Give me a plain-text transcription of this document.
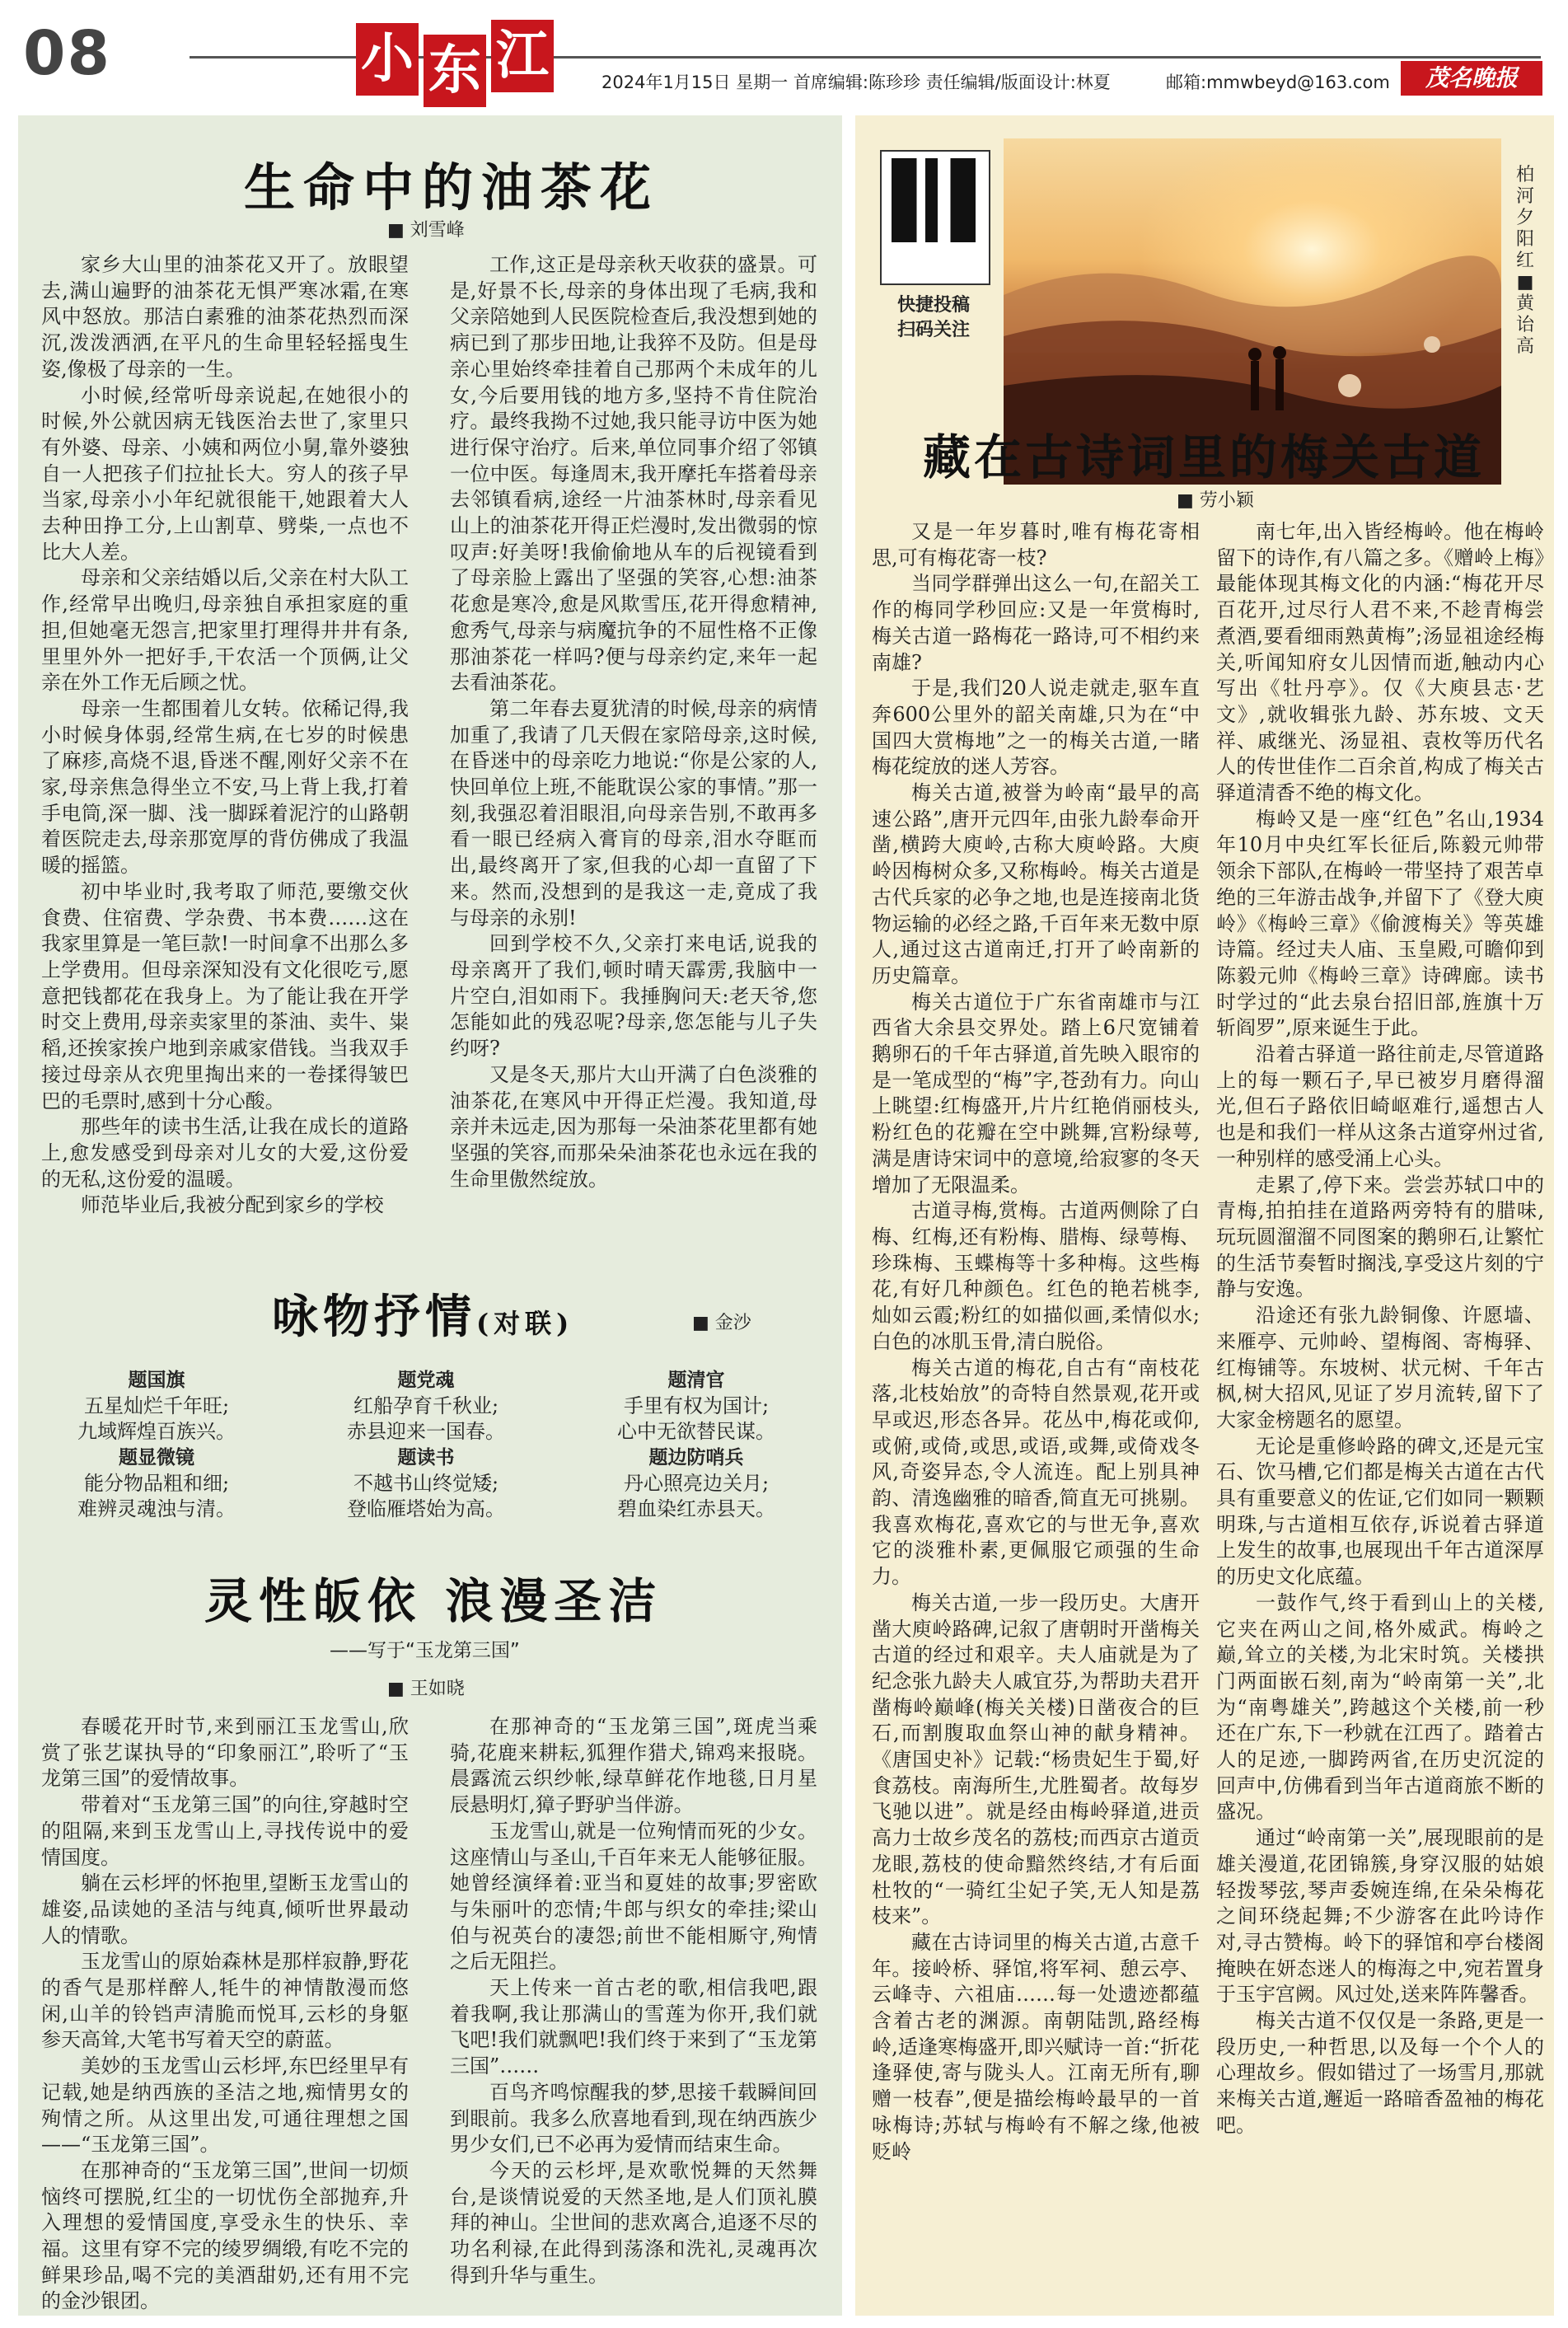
08	小 东 江	2024年1月15日 星期一 首席编辑:陈珍珍 责任编辑/版面设计:林夏	邮箱:mmwbeyd@163.com	茂名晚报
生命中的油茶花
■ 刘雪峰

家乡大山里的油茶花又开了。放眼望去,满山遍野的油茶花无惧严寒冰霜,在寒风中怒放。那洁白素雅的油茶花热烈而深沉,泼泼洒洒,在平凡的生命里轻轻摇曳生姿,像极了母亲的一生。

小时候,经常听母亲说起,在她很小的时候,外公就因病无钱医治去世了,家里只有外婆、母亲、小姨和两位小舅,靠外婆独自一人把孩子们拉扯长大。穷人的孩子早当家,母亲小小年纪就很能干,她跟着大人去种田挣工分,上山割草、劈柴,一点也不比大人差。

母亲和父亲结婚以后,父亲在村大队工作,经常早出晚归,母亲独自承担家庭的重担,但她毫无怨言,把家里打理得井井有条,里里外外一把好手,干农活一个顶俩,让父亲在外工作无后顾之忧。

母亲一生都围着儿女转。依稀记得,我小时候身体弱,经常生病,在七岁的时候患了麻疹,高烧不退,昏迷不醒,刚好父亲不在家,母亲焦急得坐立不安,马上背上我,打着手电筒,深一脚、浅一脚踩着泥泞的山路朝着医院走去,母亲那宽厚的背仿佛成了我温暖的摇篮。

初中毕业时,我考取了师范,要缴交伙食费、住宿费、学杂费、书本费……这在我家里算是一笔巨款!一时间拿不出那么多上学费用。但母亲深知没有文化很吃亏,愿意把钱都花在我身上。为了能让我在开学时交上费用,母亲卖家里的茶油、卖牛、粜稻,还挨家挨户地到亲戚家借钱。当我双手接过母亲从衣兜里掏出来的一卷揉得皱巴巴的毛票时,感到十分心酸。

那些年的读书生活,让我在成长的道路上,愈发感受到母亲对儿女的大爱,这份爱的无私,这份爱的温暖。

师范毕业后,我被分配到家乡的学校

工作,这正是母亲秋天收获的盛景。可是,好景不长,母亲的身体出现了毛病,我和父亲陪她到人民医院检查后,我没想到她的病已到了那步田地,让我猝不及防。但是母亲心里始终牵挂着自己那两个未成年的儿女,今后要用钱的地方多,坚持不肯住院治疗。最终我拗不过她,我只能寻访中医为她进行保守治疗。后来,单位同事介绍了邻镇一位中医。每逢周末,我开摩托车搭着母亲去邻镇看病,途经一片油茶林时,母亲看见山上的油茶花开得正烂漫时,发出微弱的惊叹声:好美呀!我偷偷地从车的后视镜看到了母亲脸上露出了坚强的笑容,心想:油茶花愈是寒冷,愈是风欺雪压,花开得愈精神,愈秀气,母亲与病魔抗争的不屈性格不正像那油茶花一样吗?便与母亲约定,来年一起去看油茶花。

第二年春去夏犹清的时候,母亲的病情加重了,我请了几天假在家陪母亲,这时候,在昏迷中的母亲吃力地说:“你是公家的人,快回单位上班,不能耽误公家的事情。”那一刻,我强忍着泪眼泪,向母亲告别,不敢再多看一眼已经病入膏肓的母亲,泪水夺眶而出,最终离开了家,但我的心却一直留了下来。然而,没想到的是我这一走,竟成了我与母亲的永别!

回到学校不久,父亲打来电话,说我的母亲离开了我们,顿时晴天霹雳,我脑中一片空白,泪如雨下。我捶胸问天:老天爷,您怎能如此的残忍呢?母亲,您怎能与儿子失约呀?

又是冬天,那片大山开满了白色淡雅的油茶花,在寒风中开得正烂漫。我知道,母亲并未远走,因为那每一朵油茶花里都有她坚强的笑容,而那朵朵油茶花也永远在我的生命里傲然绽放。

咏物抒情(对联)	■ 金沙
题国旗
五星灿烂千年旺;
九域辉煌百族兴。
题党魂
红船孕育千秋业;
赤县迎来一国春。
题清官
手里有权为国计;
心中无欲替民谋。
题显微镜
能分物品粗和细;
难辨灵魂浊与清。
题读书
不越书山终觉矮;
登临雁塔始为高。
题边防哨兵
丹心照亮边关月;
碧血染红赤县天。
灵性皈依 浪漫圣洁
——写于“玉龙第三国”
■ 王如晓

春暖花开时节,来到丽江玉龙雪山,欣赏了张艺谋执导的“印象丽江”,聆听了“玉龙第三国”的爱情故事。

带着对“玉龙第三国”的向往,穿越时空的阻隔,来到玉龙雪山上,寻找传说中的爱情国度。

躺在云杉坪的怀抱里,望断玉龙雪山的雄姿,品读她的圣洁与纯真,倾听世界最动人的情歌。

玉龙雪山的原始森林是那样寂静,野花的香气是那样醉人,牦牛的神情散漫而悠闲,山羊的铃铛声清脆而悦耳,云杉的身躯参天高耸,大笔书写着天空的蔚蓝。

美妙的玉龙雪山云杉坪,东巴经里早有记载,她是纳西族的圣洁之地,痴情男女的殉情之所。从这里出发,可通往理想之国——“玉龙第三国”。

在那神奇的“玉龙第三国”,世间一切烦恼终可摆脱,红尘的一切忧伤全部抛弃,升入理想的爱情国度,享受永生的快乐、幸福。这里有穿不完的绫罗绸缎,有吃不完的鲜果珍品,喝不完的美酒甜奶,还有用不完的金沙银团。

在那神奇的“玉龙第三国”,斑虎当乘骑,花鹿来耕耘,狐狸作猎犬,锦鸡来报晓。晨露流云织纱帐,绿草鲜花作地毯,日月星辰悬明灯,獐子野驴当伴游。

玉龙雪山,就是一位殉情而死的少女。这座情山与圣山,千百年来无人能够征服。她曾经演绎着:亚当和夏娃的故事;罗密欧与朱丽叶的恋情;牛郎与织女的牵挂;梁山伯与祝英台的凄怨;前世不能相厮守,殉情之后无阻拦。

天上传来一首古老的歌,相信我吧,跟着我啊,我让那满山的雪莲为你开,我们就飞吧!我们就飘吧!我们终于来到了“玉龙第三国”……

百鸟齐鸣惊醒我的梦,思接千载瞬间回到眼前。我多么欣喜地看到,现在纳西族少男少女们,已不必再为爱情而结束生命。

今天的云杉坪,是欢歌悦舞的天然舞台,是谈情说爱的天然圣地,是人们顶礼膜拜的神山。尘世间的悲欢离合,追逐不尽的功名利禄,在此得到荡涤和洗礼,灵魂再次得到升华与重生。

快捷投稿
扫码关注
柏河夕阳红 ■ 黄诒高
藏在古诗词里的梅关古道
■ 劳小颖

又是一年岁暮时,唯有梅花寄相思,可有梅花寄一枝?

当同学群弹出这么一句,在韶关工作的梅同学秒回应:又是一年赏梅时,梅关古道一路梅花一路诗,可不相约来南雄?

于是,我们20人说走就走,驱车直奔600公里外的韶关南雄,只为在“中国四大赏梅地”之一的梅关古道,一睹梅花绽放的迷人芳容。

梅关古道,被誉为岭南“最早的高速公路”,唐开元四年,由张九龄奉命开凿,横跨大庾岭,古称大庾岭路。大庾岭因梅树众多,又称梅岭。梅关古道是古代兵家的必争之地,也是连接南北货物运输的必经之路,千百年来无数中原人,通过这古道南迁,打开了岭南新的历史篇章。

梅关古道位于广东省南雄市与江西省大余县交界处。踏上6尺宽铺着鹅卵石的千年古驿道,首先映入眼帘的是一笔成型的“梅”字,苍劲有力。向山上眺望:红梅盛开,片片红艳俏丽枝头,粉红色的花瓣在空中跳舞,宫粉绿萼,满是唐诗宋词中的意境,给寂寥的冬天增加了无限温柔。

古道寻梅,赏梅。古道两侧除了白梅、红梅,还有粉梅、腊梅、绿萼梅、珍珠梅、玉蝶梅等十多种梅。这些梅花,有好几种颜色。红色的艳若桃李,灿如云霞;粉红的如描似画,柔情似水;白色的冰肌玉骨,清白脱俗。

梅关古道的梅花,自古有“南枝花落,北枝始放”的奇特自然景观,花开或早或迟,形态各异。花丛中,梅花或仰,或俯,或倚,或思,或语,或舞,或倚戏冬风,奇姿异态,令人流连。配上别具神韵、清逸幽雅的暗香,简直无可挑剔。我喜欢梅花,喜欢它的与世无争,喜欢它的淡雅朴素,更佩服它顽强的生命力。

梅关古道,一步一段历史。大唐开凿大庾岭路碑,记叙了唐朝时开凿梅关古道的经过和艰辛。夫人庙就是为了纪念张九龄夫人戚宜芬,为帮助夫君开凿梅岭巅峰(梅关关楼)日凿夜合的巨石,而割腹取血祭山神的献身精神。《唐国史补》记载:“杨贵妃生于蜀,好食荔枝。南海所生,尤胜蜀者。故每岁飞驰以进”。就是经由梅岭驿道,进贡高力士故乡茂名的荔枝;而西京古道贡龙眼,荔枝的使命黯然终结,才有后面杜牧的“一骑红尘妃子笑,无人知是荔枝来”。

藏在古诗词里的梅关古道,古意千年。接岭桥、驿馆,将军祠、憩云亭、云峰寺、六祖庙……每一处遗迹都蕴含着古老的渊源。南朝陆凯,路经梅岭,适逢寒梅盛开,即兴赋诗一首:“折花逢驿使,寄与陇头人。江南无所有,聊赠一枝春”,便是描绘梅岭最早的一首咏梅诗;苏轼与梅岭有不解之缘,他被贬岭

南七年,出入皆经梅岭。他在梅岭留下的诗作,有八篇之多。《赠岭上梅》最能体现其梅文化的内涵:“梅花开尽百花开,过尽行人君不来,不趁青梅尝煮酒,要看细雨熟黄梅”;汤显祖途经梅关,听闻知府女儿因情而逝,触动内心写出《牡丹亭》。仅《大庾县志·艺文》,就收辑张九龄、苏东坡、文天祥、戚继光、汤显祖、袁枚等历代名人的传世佳作二百余首,构成了梅关古驿道清香不绝的梅文化。

梅岭又是一座“红色”名山,1934年10月中央红军长征后,陈毅元帅带领余下部队,在梅岭一带坚持了艰苦卓绝的三年游击战争,并留下了《登大庾岭》《梅岭三章》《偷渡梅关》等英雄诗篇。经过夫人庙、玉皇殿,可瞻仰到陈毅元帅《梅岭三章》诗碑廊。读书时学过的“此去泉台招旧部,旌旗十万斩阎罗”,原来诞生于此。

沿着古驿道一路往前走,尽管道路上的每一颗石子,早已被岁月磨得溜光,但石子路依旧崎岖难行,遥想古人也是和我们一样从这条古道穿州过省,一种别样的感受涌上心头。

走累了,停下来。尝尝苏轼口中的青梅,拍拍挂在道路两旁特有的腊味,玩玩圆溜溜不同图案的鹅卵石,让繁忙的生活节奏暂时搁浅,享受这片刻的宁静与安逸。

沿途还有张九龄铜像、许愿墙、来雁亭、元帅岭、望梅阁、寄梅驿、红梅铺等。东坡树、状元树、千年古枫,树大招风,见证了岁月流转,留下了大家金榜题名的愿望。

无论是重修岭路的碑文,还是元宝石、饮马槽,它们都是梅关古道在古代具有重要意义的佐证,它们如同一颗颗明珠,与古道相互依存,诉说着古驿道上发生的故事,也展现出千年古道深厚的历史文化底蕴。

一鼓作气,终于看到山上的关楼,它夹在两山之间,格外威武。梅岭之巅,耸立的关楼,为北宋时筑。关楼拱门两面嵌石刻,南为“岭南第一关”,北为“南粤雄关”,跨越这个关楼,前一秒还在广东,下一秒就在江西了。踏着古人的足迹,一脚跨两省,在历史沉淀的回声中,仿佛看到当年古道商旅不断的盛况。

通过“岭南第一关”,展现眼前的是雄关漫道,花团锦簇,身穿汉服的姑娘轻拨琴弦,琴声委婉连绵,在朵朵梅花之间环绕起舞;不少游客在此吟诗作对,寻古赞梅。岭下的驿馆和亭台楼阁掩映在妍态迷人的梅海之中,宛若置身于玉宇宫阙。风过处,送来阵阵馨香。

梅关古道不仅仅是一条路,更是一段历史,一种哲思,以及每一个个人的心理故乡。假如错过了一场雪月,那就来梅关古道,邂逅一路暗香盈袖的梅花吧。
